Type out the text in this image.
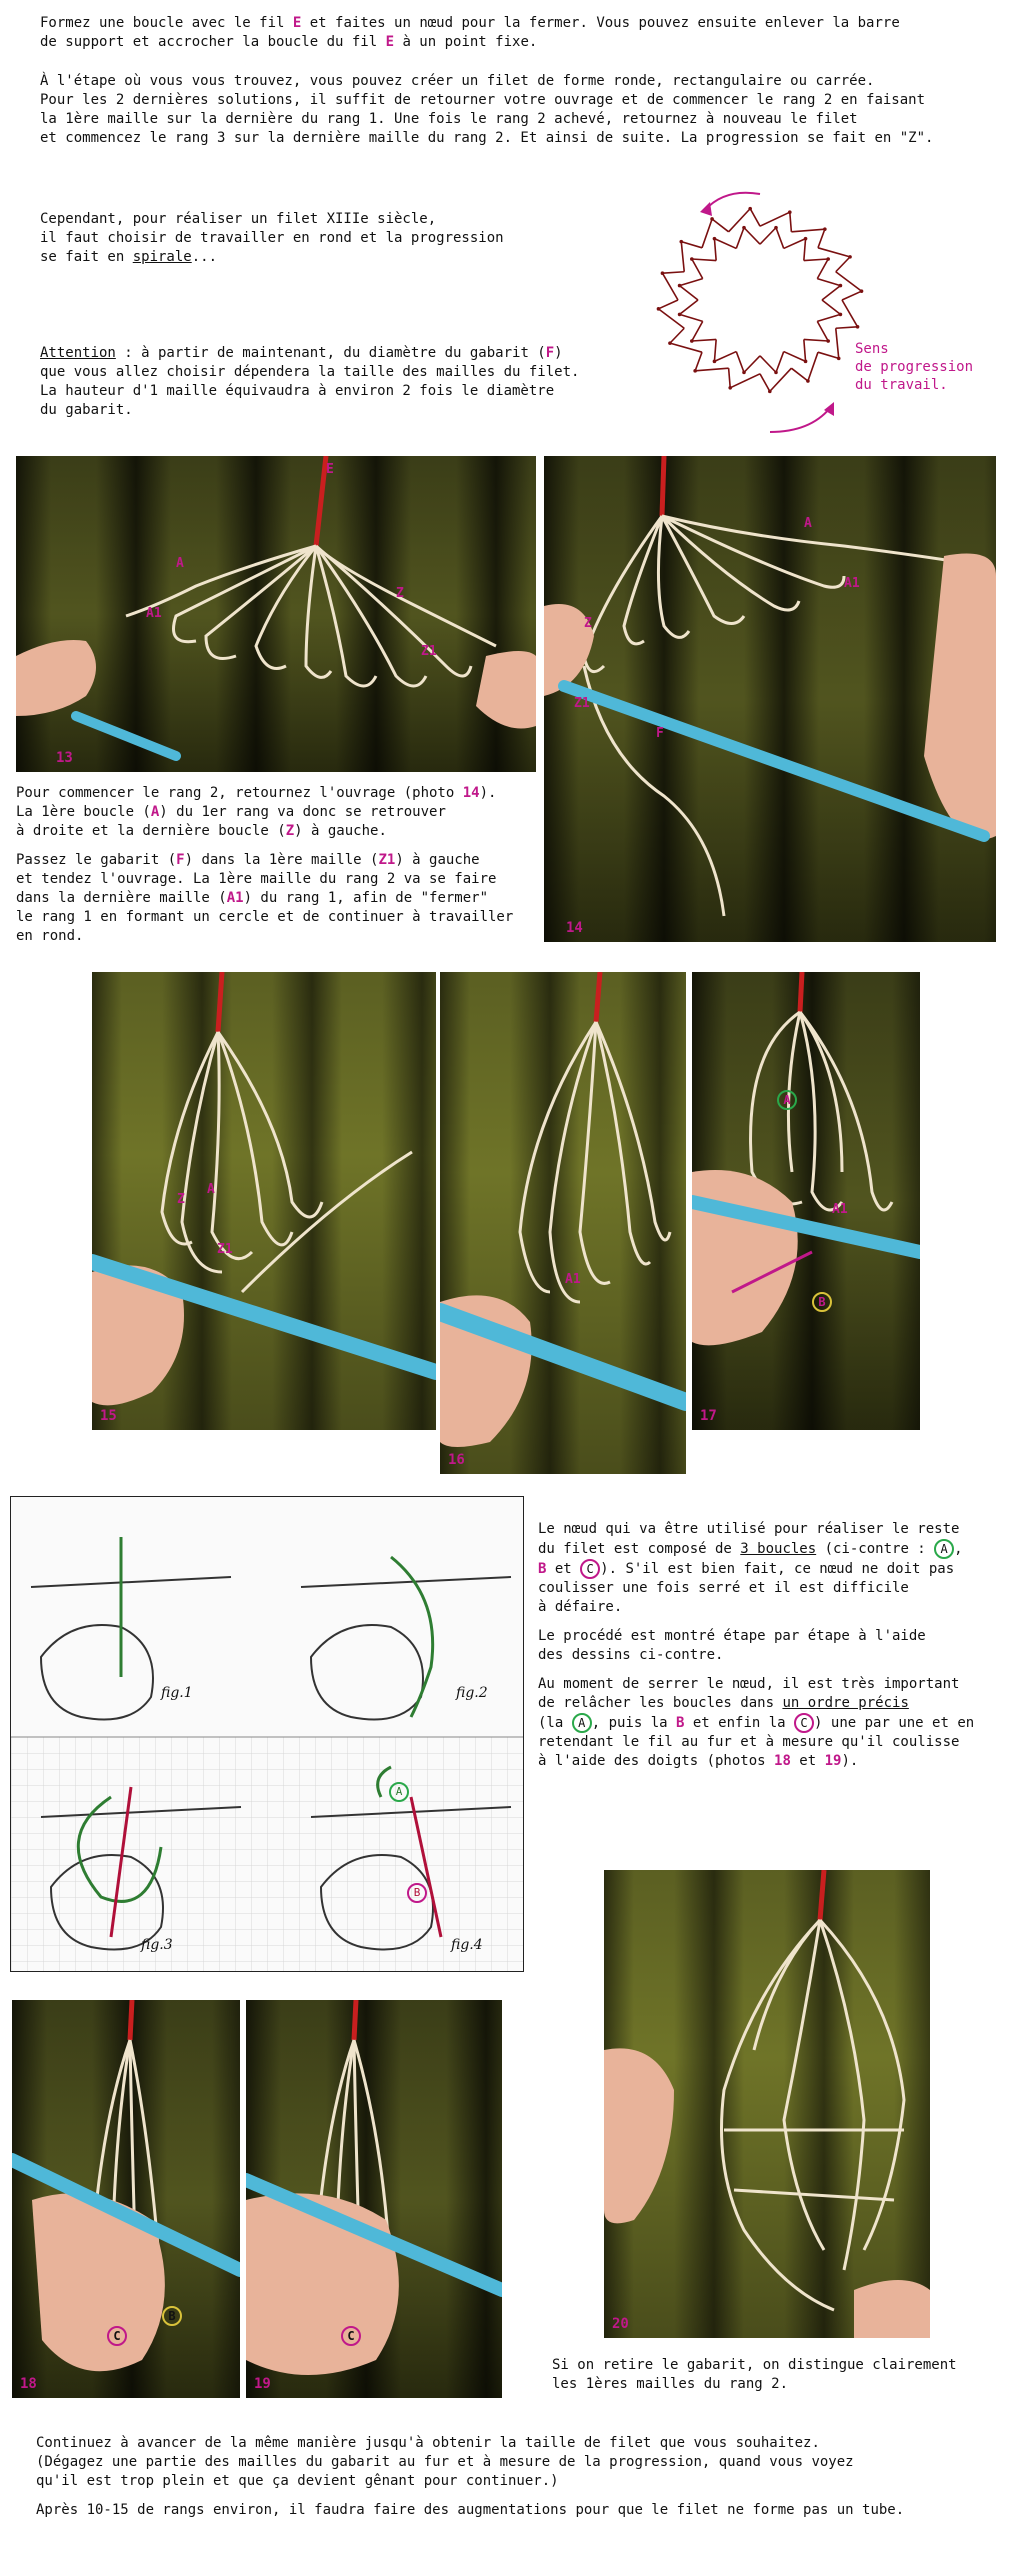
Formez une boucle avec le fil E et faites un nœud pour la fermer. Vous pouvez ensuite enlever la barre
de support et accrocher la boucle du fil E à un point fixe.
À l'étape où vous vous trouvez, vous pouvez créer un filet de forme ronde, rectangulaire ou carrée.
Pour les 2 dernières solutions, il suffit de retourner votre ouvrage et de commencer le rang 2 en faisant
la 1ère maille sur la dernière du rang 1. Une fois le rang 2 achevé, retournez à nouveau le filet
et commencez le rang 3 sur la dernière maille du rang 2. Et ainsi de suite. La progression se fait en "Z".
Cependant, pour réaliser un filet XIIIe siècle,
il faut choisir de travailler en rond et la progression
se fait en spirale...
Attention : à partir de maintenant, du diamètre du gabarit (F)
que vous allez choisir dépendera la taille des mailles du filet.
La hauteur d'1 maille équivaudra à environ 2 fois le diamètre
du gabarit.
Sens
de progression
du travail.
E
A
A1
Z
Z1
13
A
A1
Z
Z1
F
14

Pour commencer le rang 2, retournez l'ouvrage (photo 14).
La 1ère boucle (A) du 1er rang va donc se retrouver
à droite et la dernière boucle (Z) à gauche.

Passez le gabarit (F) dans la 1ère maille (Z1) à gauche
et tendez l'ouvrage. La 1ère maille du rang 2 va se faire
dans la dernière maille (A1) du rang 1, afin de "fermer"
le rang 1 en formant un cercle et de continuer à travailler
en rond.

Z
A
Z1
15
A1
16
A
A1
B
17
fig.1	fig.2
fig.3	fig.4
A
B

Le nœud qui va être utilisé pour réaliser le reste
du filet est composé de 3 boucles (ci-contre : A ,
B et C ). S'il est bien fait, ce nœud ne doit pas
coulisser une fois serré et il est difficile
à défaire.

Le procédé est montré étape par étape à l'aide
des dessins ci-contre.

Au moment de serrer le nœud, il est très important
de relâcher les boucles dans un ordre précis
(la A , puis la B et enfin la C ) une par une et en
retendant le fil au fur et à mesure qu'il coulisse
à l'aide des doigts (photos 18 et 19).

20
B
C
18
C
19
Si on retire le gabarit, on distingue clairement
les 1ères mailles du rang 2.

Continuez à avancer de la même manière jusqu'à obtenir la taille de filet que vous souhaitez.
(Dégagez une partie des mailles du gabarit au fur et à mesure de la progression, quand vous voyez
qu'il est trop plein et que ça devient gênant pour continuer.)

Après 10-15 de rangs environ, il faudra faire des augmentations pour que le filet ne forme pas un tube.
